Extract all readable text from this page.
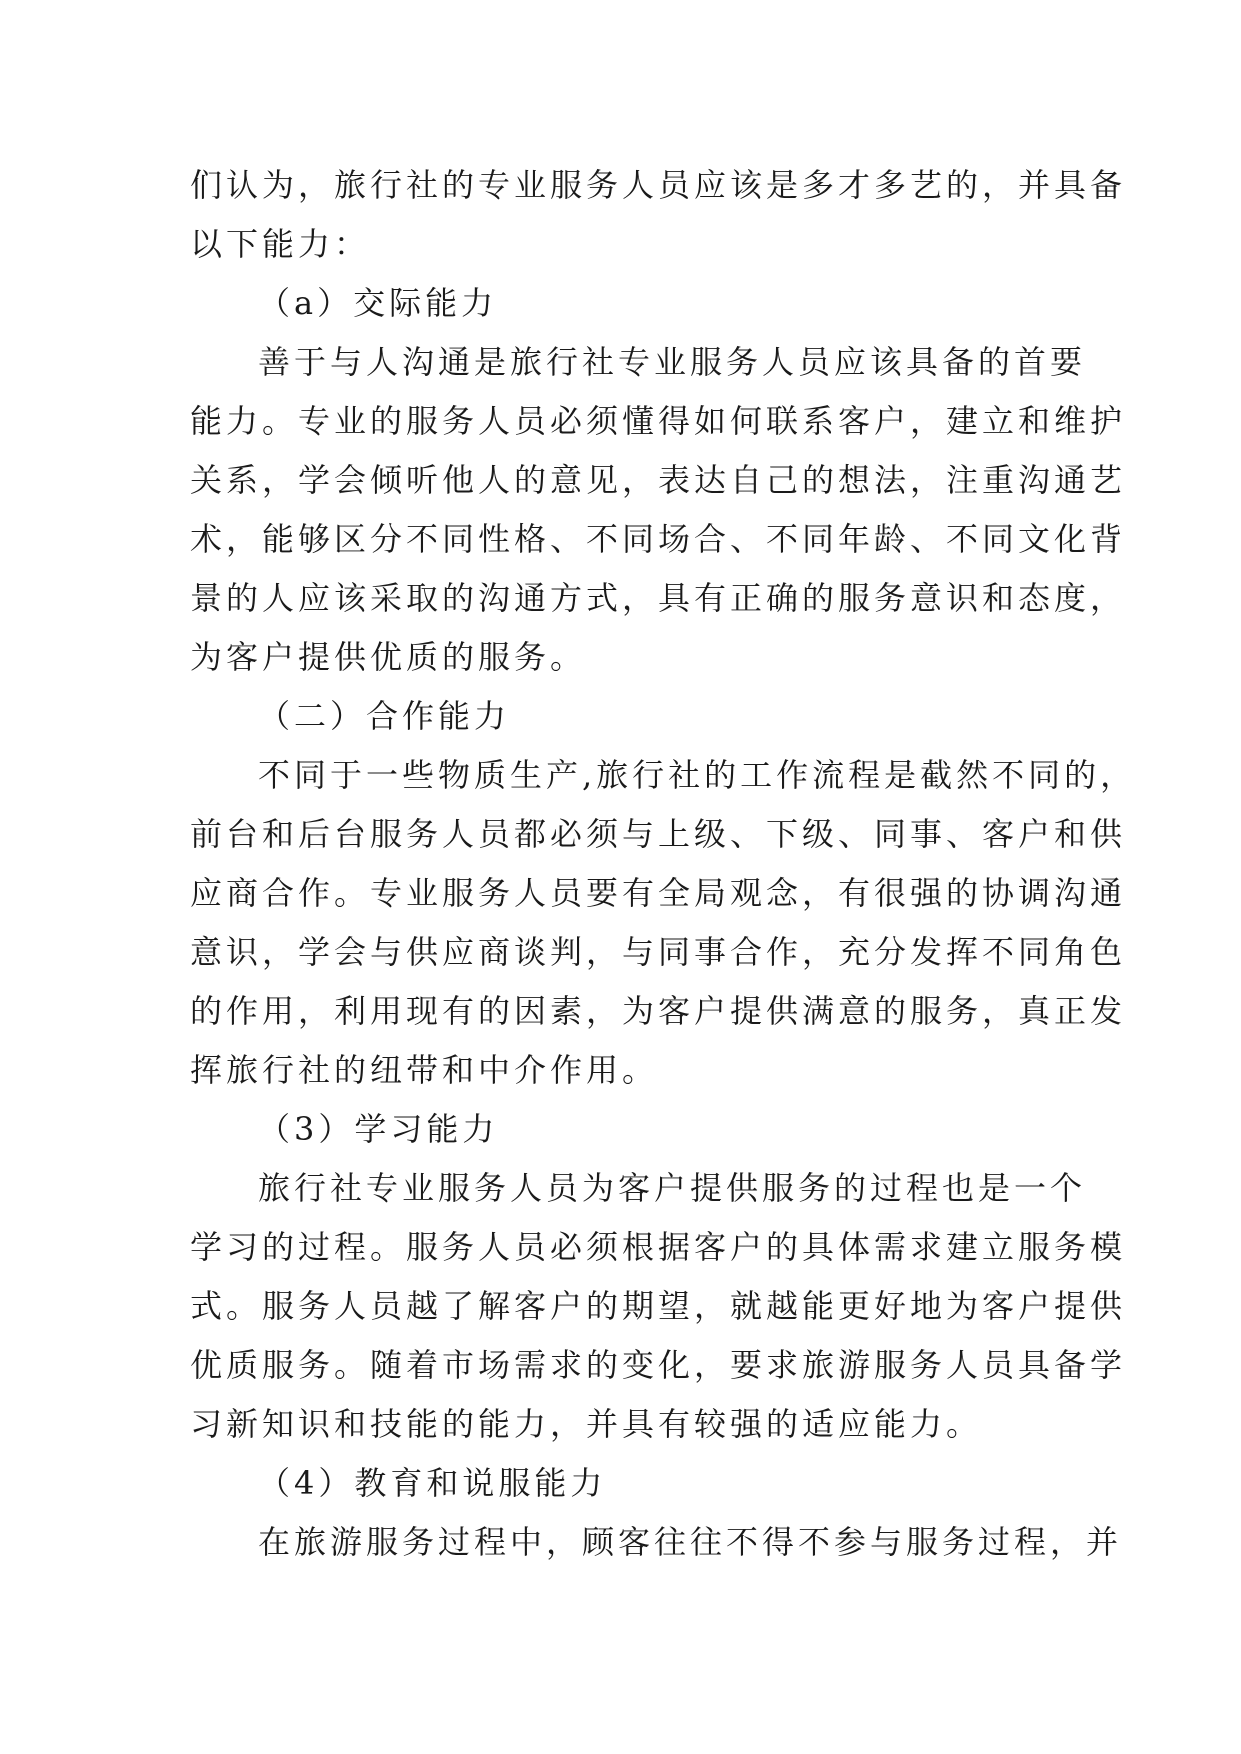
们认为，旅行社的专业服务人员应该是多才多艺的，并具备
以下能力：
（a）交际能力
善于与人沟通是旅行社专业服务人员应该具备的首要
能力。专业的服务人员必须懂得如何联系客户，建立和维护
关系，学会倾听他人的意见，表达自己的想法，注重沟通艺
术，能够区分不同性格、不同场合、不同年龄、不同文化背
景的人应该采取的沟通方式，具有正确的服务意识和态度，
为客户提供优质的服务。
（二）合作能力
不同于一些物质生产,旅行社的工作流程是截然不同的，
前台和后台服务人员都必须与上级、下级、同事、客户和供
应商合作。专业服务人员要有全局观念，有很强的协调沟通
意识，学会与供应商谈判，与同事合作，充分发挥不同角色
的作用，利用现有的因素，为客户提供满意的服务，真正发
挥旅行社的纽带和中介作用。
（3）学习能力
旅行社专业服务人员为客户提供服务的过程也是一个
学习的过程。服务人员必须根据客户的具体需求建立服务模
式。服务人员越了解客户的期望，就越能更好地为客户提供
优质服务。随着市场需求的变化，要求旅游服务人员具备学
习新知识和技能的能力，并具有较强的适应能力。
（4）教育和说服能力
在旅游服务过程中，顾客往往不得不参与服务过程，并
